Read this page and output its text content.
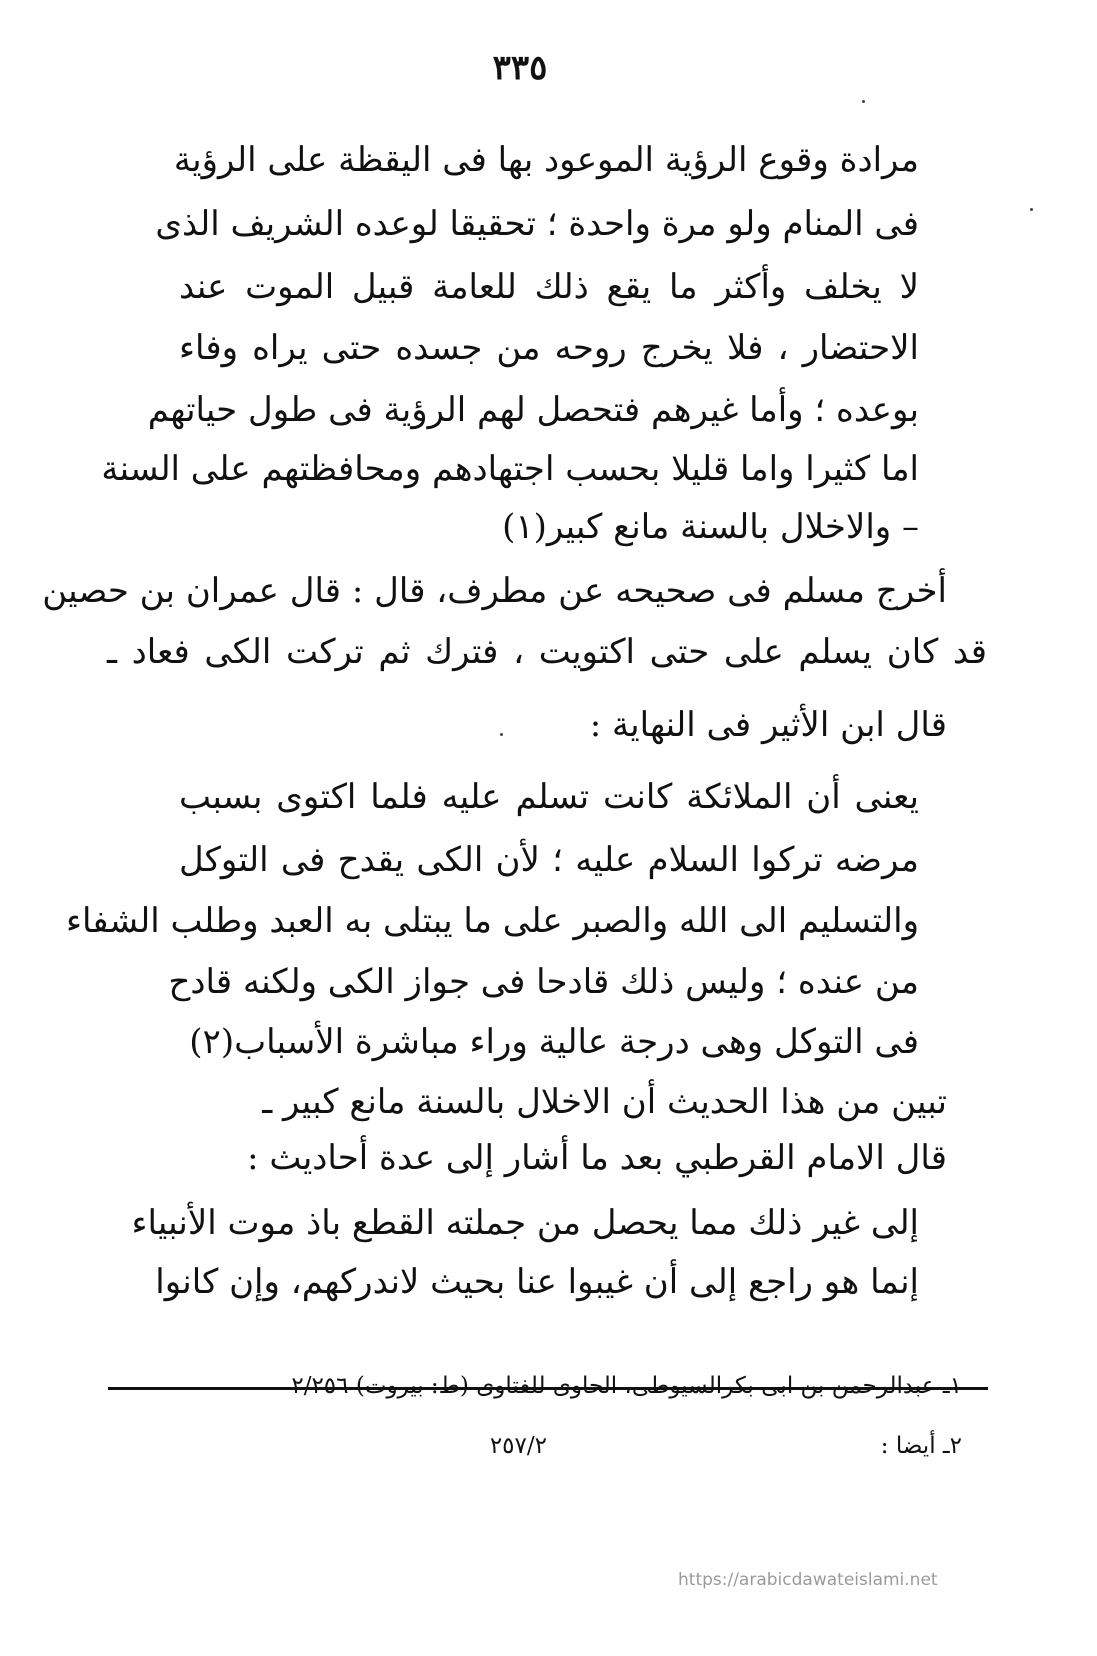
٣٣٥
مرادة وقوع الرؤية الموعود بها فى اليقظة على الرؤية
فى المنام ولو مرة واحدة ؛ تحقيقا لوعده الشريف الذى
لا يخلف وأكثر ما يقع ذلك للعامة قبيل الموت عند
الاحتضار ، فلا يخرج روحه من جسده حتى يراه وفاء
بوعده ؛ وأما غيرهم فتحصل لهم الرؤية فى طول حياتهم
اما كثيرا واما قليلا بحسب اجتهادهم ومحافظتهم على السنة
– والاخلال بالسنة مانع كبير(١)
أخرج مسلم فى صحيحه عن مطرف، قال : قال عمران بن حصين
قد كان يسلم على حتى اكتويت ، فترك ثم تركت الكى فعاد ـ
قال ابن الأثير فى النهاية :
يعنى أن الملائكة كانت تسلم عليه فلما اكتوى بسبب
مرضه تركوا السلام عليه ؛ لأن الكى يقدح فى التوكل
والتسليم الى الله والصبر على ما يبتلى به العبد وطلب الشفاء
من عنده ؛ وليس ذلك قادحا فى جواز الكى ولكنه قادح
فى التوكل وهى درجة عالية وراء مباشرة الأسباب(٢)
تبين من هذا الحديث أن الاخلال بالسنة مانع كبير ـ
قال الامام القرطبي بعد ما أشار إلى عدة أحاديث :
إلى غير ذلك مما يحصل من جملته القطع باذ موت الأنبياء
إنما هو راجع إلى أن غيبوا عنا بحيث لاندركهم، وإن كانوا
١ـ عبدالرحمن بن ابى بكرالسيوطى، الحاوى للفتاوى (ط: بيروت) ٢/٢٥٦
٢ـ أيضا :
٢٥٧/٢
https://arabicdawateislami.net
